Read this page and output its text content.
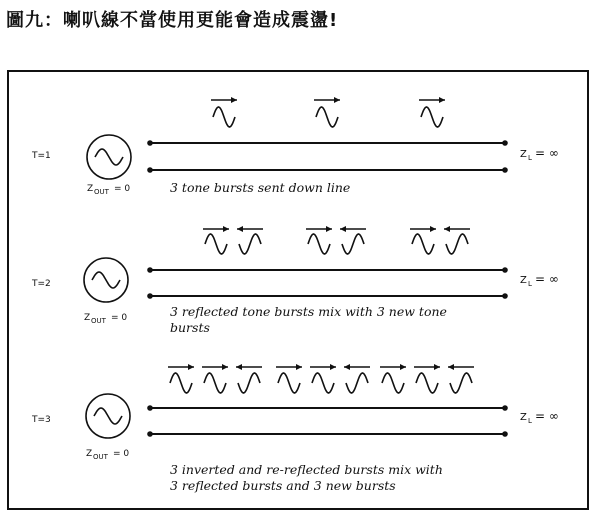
圖九：喇叭線不當使用更能會造成震盪!
T=1
Z OUT = 0
Z L = ∞
3 tone bursts sent down line
T=2
Z OUT = 0
Z L = ∞
3 reflected tone bursts mix with 3 new tone
bursts
T=3
Z OUT = 0
Z L = ∞
3 inverted and re-reflected bursts mix with
3 reflected bursts and 3 new bursts
